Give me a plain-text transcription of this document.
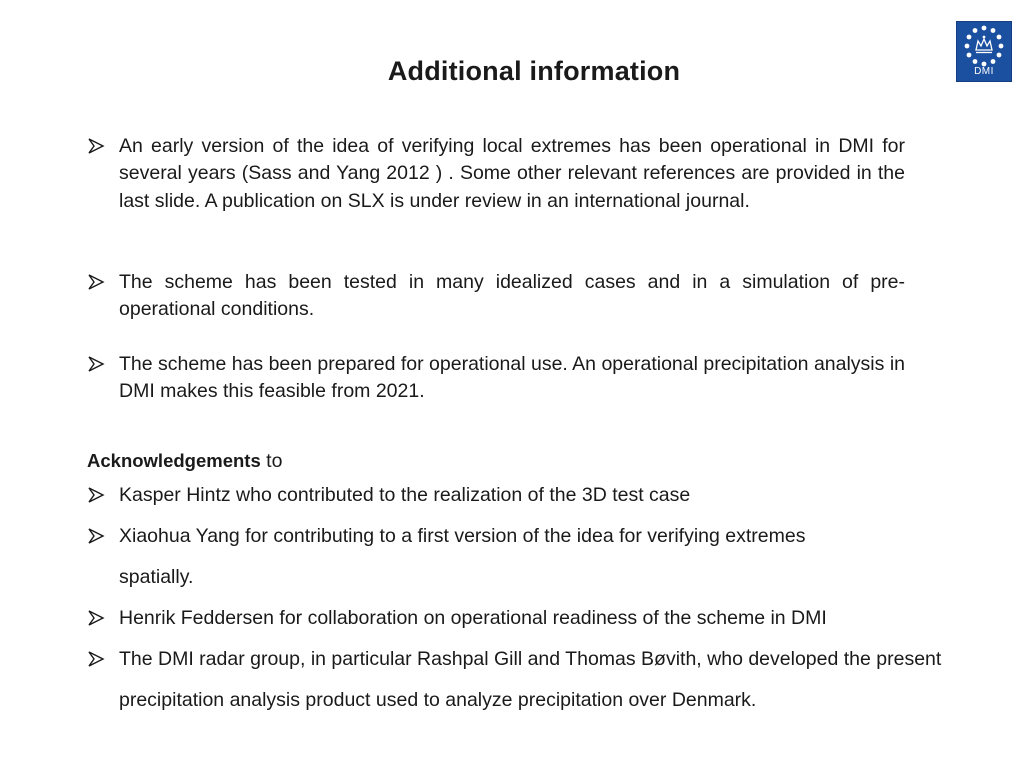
Additional information	DMI
An early version of the idea of verifying local extremes has been operational in DMI for several years (Sass and Yang 2012 ) . Some other relevant references are provided in the last slide. A publication on SLX is under review in an international journal.
The scheme has been tested in many idealized cases and in a simulation of pre-operational conditions.
The scheme has been prepared for operational use. An operational precipitation analysis in DMI makes this feasible from 2021.
Acknowledgements to
Kasper Hintz who contributed to the realization of the 3D test case
Xiaohua Yang for contributing to a first version of the idea for verifying extremes spatially.
Henrik Feddersen for collaboration on operational readiness of the scheme in DMI
The DMI radar group, in particular Rashpal Gill and Thomas Bøvith, who developed the present precipitation analysis product used to analyze precipitation over Denmark.
